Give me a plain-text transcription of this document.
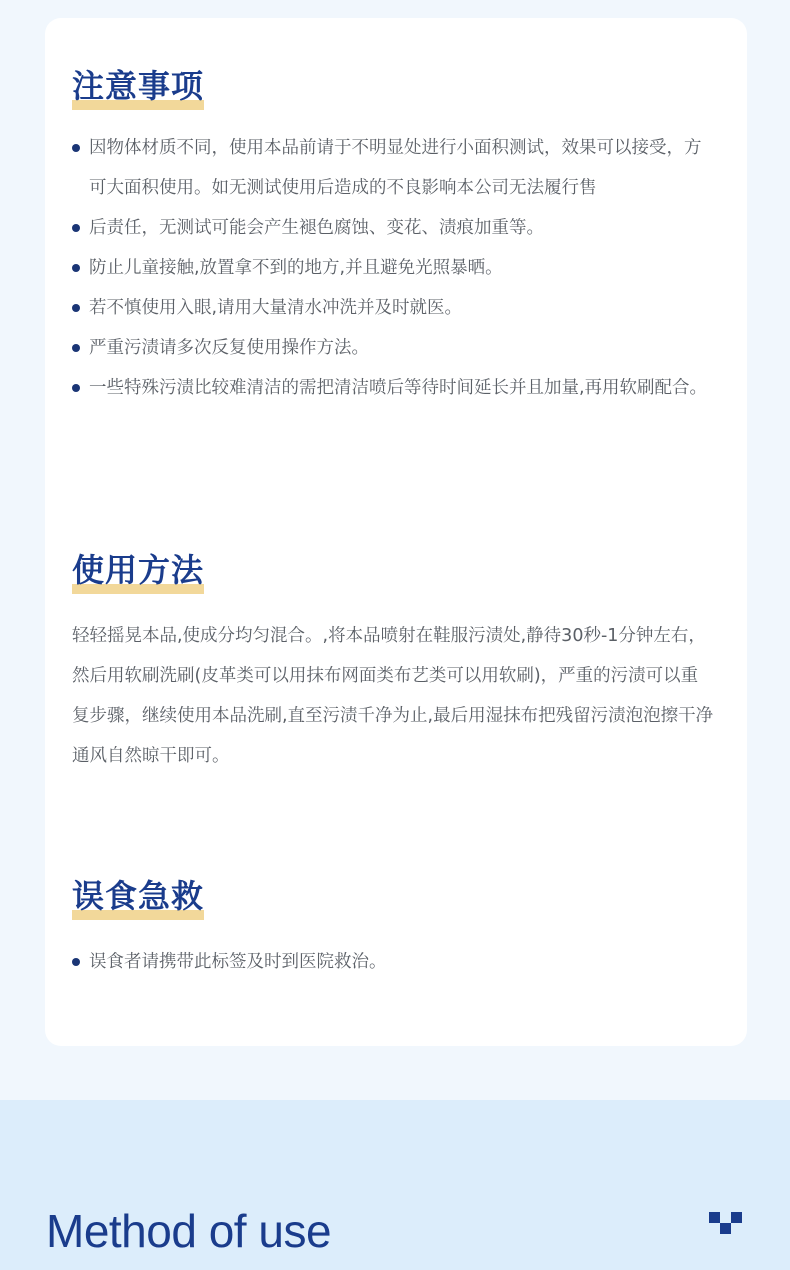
注意事项
因物体材质不同，使用本品前请于不明显处进行小面积测试，效果可以接受，方可大面积使用。如无测试使用后造成的不良影响本公司无法履行售
后责任，无测试可能会产生褪色腐蚀、变花、渍痕加重等。
防止儿童接触,放置拿不到的地方,并且避免光照暴晒。
若不慎使用入眼,请用大量清水冲洗并及时就医。
严重污渍请多次反复使用操作方法。
一些特殊污渍比较难清洁的需把清洁喷后等待时间延长并且加量,再用软刷配合。
使用方法

轻轻摇晃本品,使成分均匀混合。,将本品喷射在鞋服污渍处,静待30秒-1分钟左右，然后用软刷洗刷(皮革类可以用抹布网面类布艺类可以用软刷)，严重的污渍可以重复步骤，继续使用本品洗刷,直至污渍千净为止,最后用湿抹布把残留污渍泡泡擦干净通风自然晾干即可。

误食急救
误食者请携带此标签及时到医院救治。
Method of use
